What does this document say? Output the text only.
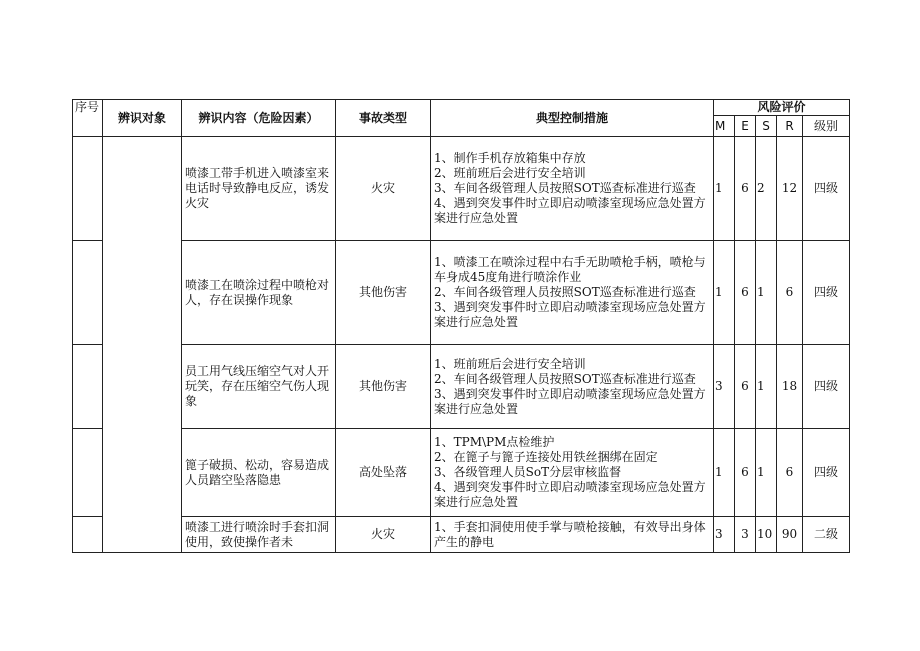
序号	辨识对象	辨识内容（危险因素）	事故类型	典型控制措施	风险评价				
					M	E	S	R	级别
		喷漆工带手机进入喷漆室来电话时导致静电反应，诱发火灾	火灾	1、制作手机存放箱集中存放
2、班前班后会进行安全培训
3、车间各级管理人员按照SOT巡查标准进行巡查
4、遇到突发事件时立即启动喷漆室现场应急处置方案进行应急处置	1	6	2	12	四级
		喷漆工在喷涂过程中喷枪对人，存在误操作现象	其他伤害	1、喷漆工在喷涂过程中右手无助喷枪手柄，喷枪与车身成45度角进行喷涂作业

2、车间各级管理人员按照SOT巡查标准进行巡查
3、遇到突发事件时立即启动喷漆室现场应急处置方案进行应急处置	1	6	1	6	四级
		员工用气线压缩空气对人开玩笑，存在压缩空气伤人现象	其他伤害	1、班前班后会进行安全培训
2、车间各级管理人员按照SOT巡查标准进行巡查
3、遇到突发事件时立即启动喷漆室现场应急处置方案进行应急处置	3	6	1	18	四级
		篦子破损、松动，容易造成人员踏空坠落隐患	高处坠落	1、TPM\PM点检维护
2、在篦子与篦子连接处用铁丝捆绑在固定
3、各级管理人员SoT分层审核监督
4、遇到突发事件时立即启动喷漆室现场应急处置方案进行应急处置	1	6	1	6	四级
		喷漆工进行喷涂时手套扣洞使用，致使操作者未	火灾	1、手套扣洞使用使手掌与喷枪接触，有效导出身体产生的静电	3	3	10	90	二级
